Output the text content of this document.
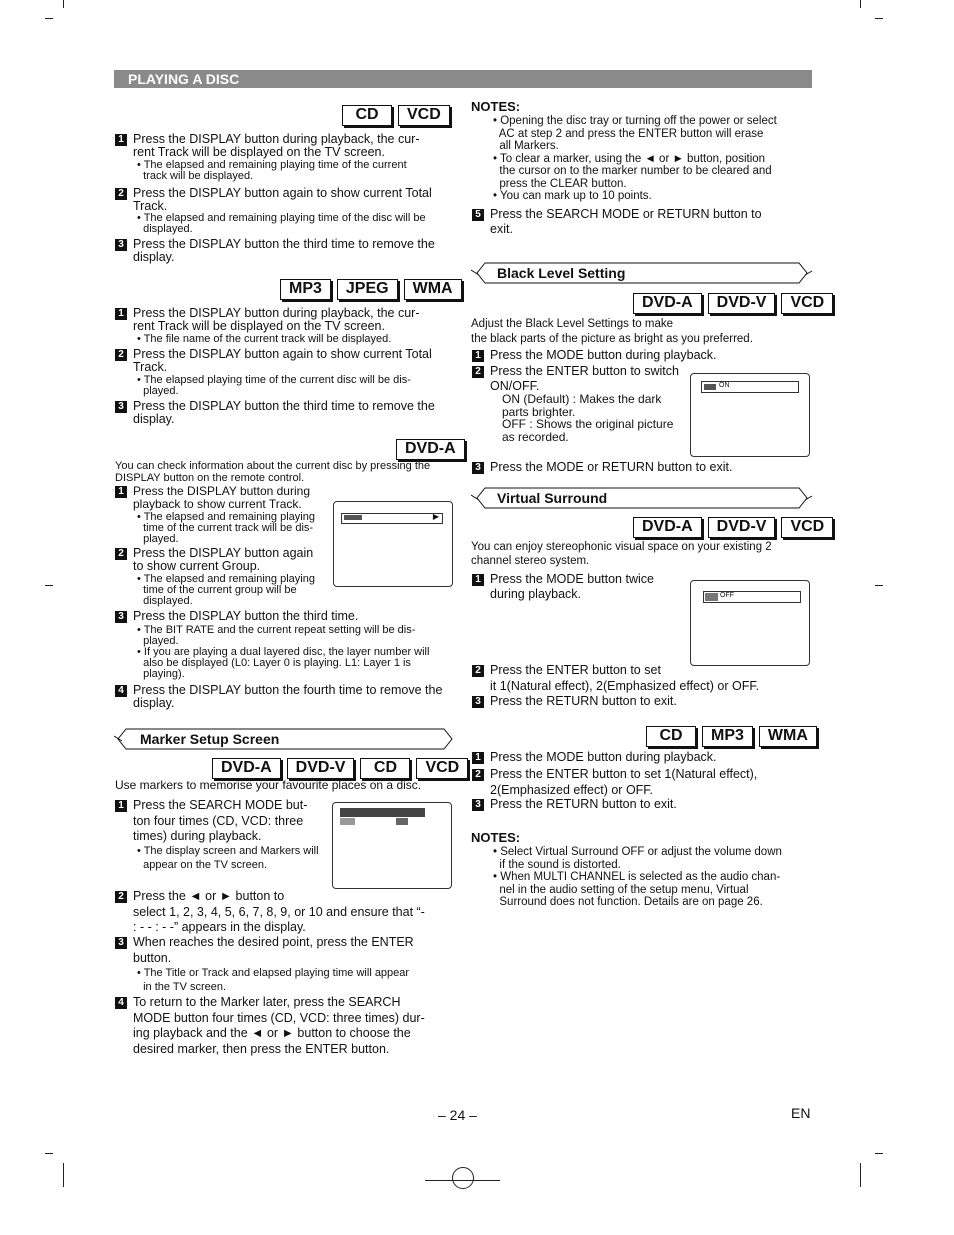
PLAYING A DISC
CD	VCD
1 Press the DISPLAY button during playback, the cur-
rent Track will be displayed on the TV screen.
• The elapsed and remaining playing time of the current
track will be displayed.
2 Press the DISPLAY button again to show current Total
Track.
• The elapsed and remaining playing time of the disc will be
displayed.
3 Press the DISPLAY button the third time to remove the
display.
MP3	JPEG	WMA
1 Press the DISPLAY button during playback, the cur-
rent Track will be displayed on the TV screen.
• The file name of the current track will be displayed.
2 Press the DISPLAY button again to show current Total
Track.
• The elapsed playing time of the current disc will be dis-
played.
3 Press the DISPLAY button the third time to remove the
display.
DVD-A
You can check information about the current disc by pressing the
DISPLAY button on the remote control.
1 Press the DISPLAY button during
playback to show current Track.
• The elapsed and remaining playing
time of the current track will be dis-
played.
2 Press the DISPLAY button again
to show current Group.
• The elapsed and remaining playing
time of the current group will be
displayed.
3 Press the DISPLAY button the third time.
• The BIT RATE and the current repeat setting will be dis-
played.
• If you are playing a dual layered disc, the layer number will
also be displayed (L0: Layer 0 is playing. L1: Layer 1 is
playing).
4 Press the DISPLAY button the fourth time to remove the
display.
▶
Marker Setup Screen
DVD-A	DVD-V	CD	VCD
Use markers to memorise your favourite places on a disc.
1 Press the SEARCH MODE but-
ton four times (CD, VCD: three
times) during playback.
• The display screen and Markers will
appear on the TV screen.
2 Press the ◄ or ► button to
select 1, 2, 3, 4, 5, 6, 7, 8, 9, or 10 and ensure that “-
: - - : - -” appears in the display.
3 When reaches the desired point, press the ENTER
button.
• The Title or Track and elapsed playing time will appear
in the TV screen.
4 To return to the Marker later, press the SEARCH
MODE button four times (CD, VCD: three times) dur-
ing playback and the ◄ or ► button to choose the
desired marker, then press the ENTER button.
NOTES:
• Opening the disc tray or turning off the power or select
AC at step 2 and press the ENTER button will erase
all Markers.
• To clear a marker, using the ◄ or ► button, position
the cursor on to the marker number to be cleared and
press the CLEAR button.
• You can mark up to 10 points.
5 Press the SEARCH MODE or RETURN button to
exit.
Black Level Setting
DVD-A	DVD-V	VCD
Adjust the Black Level Settings to make
the black parts of the picture as bright as you preferred.
1 Press the MODE button during playback.
2 Press the ENTER button to switch
ON/OFF.
ON (Default) : Makes the dark
parts brighter.
OFF : Shows the original picture
as recorded.
3 Press the MODE or RETURN button to exit.
ON
Virtual Surround
DVD-A	DVD-V	VCD
You can enjoy stereophonic visual space on your existing 2
channel stereo system.
1 Press the MODE button twice
during playback.
2 Press the ENTER button to set
it 1(Natural effect), 2(Emphasized effect) or OFF.
3 Press the RETURN button to exit.
OFF
CD	MP3	WMA
1 Press the MODE button during playback.
2 Press the ENTER button to set 1(Natural effect),
2(Emphasized effect) or OFF.
3 Press the RETURN button to exit.
NOTES:
• Select Virtual Surround OFF or adjust the volume down
if the sound is distorted.
• When MULTI CHANNEL is selected as the audio chan-
nel in the audio setting of the setup menu, Virtual
Surround does not function. Details are on page 26.
– 24 –	EN
